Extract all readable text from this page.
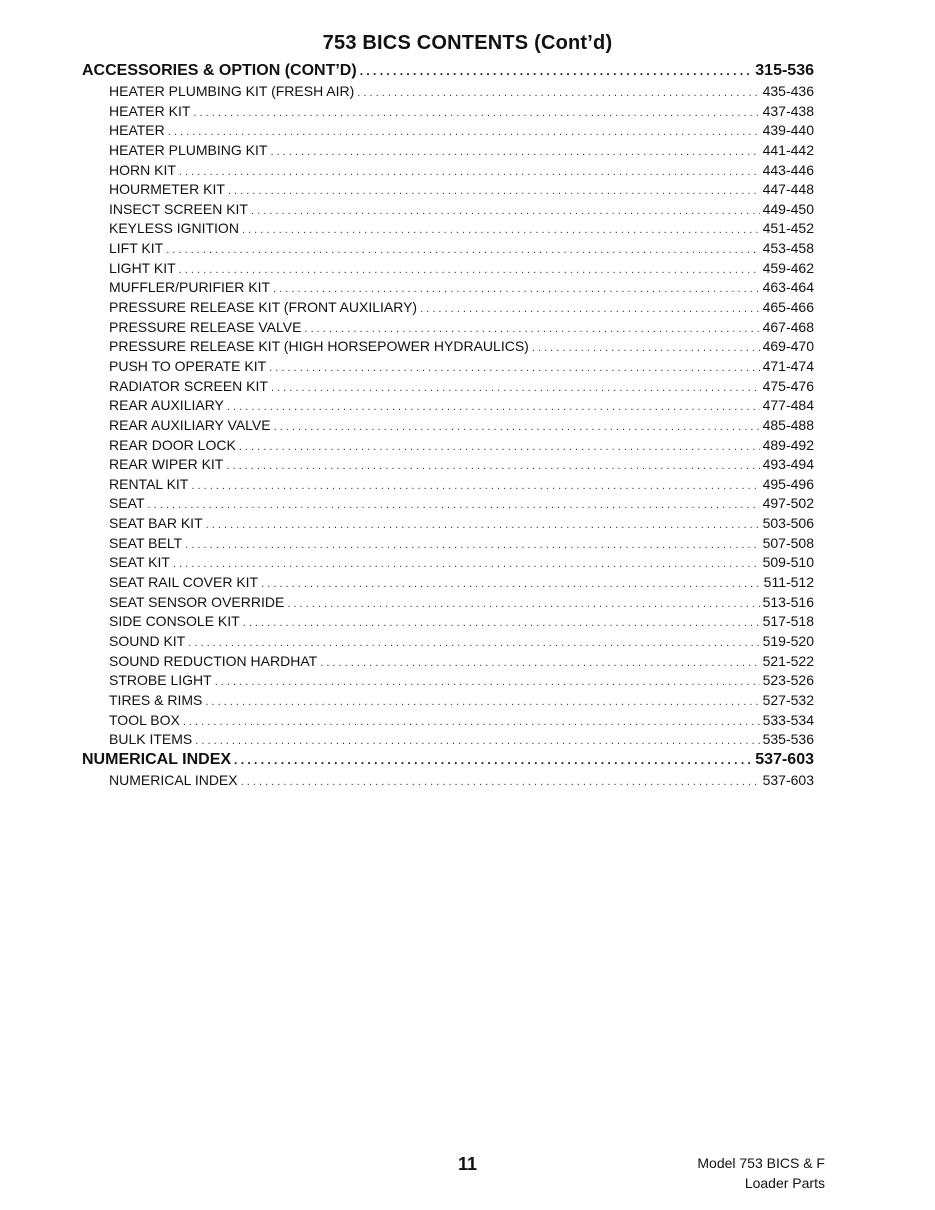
753 BICS CONTENTS (Cont’d)
ACCESSORIES & OPTION (CONT’D) . . .	315-536
HEATER PLUMBING KIT (FRESH AIR) . . .	435-436
HEATER KIT . . .	437-438
HEATER . . .	439-440
HEATER PLUMBING KIT . . .	441-442
HORN KIT . . .	443-446
HOURMETER KIT . . .	447-448
INSECT SCREEN KIT . . .	449-450
KEYLESS IGNITION . . .	451-452
LIFT KIT . . .	453-458
LIGHT KIT . . .	459-462
MUFFLER/PURIFIER KIT . . .	463-464
PRESSURE RELEASE KIT (FRONT AUXILIARY) . . .	465-466
PRESSURE RELEASE VALVE . . .	467-468
PRESSURE RELEASE KIT (HIGH HORSEPOWER HYDRAULICS) . . .	469-470
PUSH TO OPERATE KIT . . .	471-474
RADIATOR SCREEN KIT . . .	475-476
REAR AUXILIARY . . .	477-484
REAR AUXILIARY VALVE . . .	485-488
REAR DOOR LOCK . . .	489-492
REAR WIPER KIT . . .	493-494
RENTAL KIT . . .	495-496
SEAT . . .	497-502
SEAT BAR KIT . . .	503-506
SEAT BELT . . .	507-508
SEAT KIT . . .	509-510
SEAT RAIL COVER KIT . . .	511-512
SEAT SENSOR OVERRIDE . . .	513-516
SIDE CONSOLE KIT . . .	517-518
SOUND KIT . . .	519-520
SOUND REDUCTION HARDHAT . . .	521-522
STROBE LIGHT . . .	523-526
TIRES & RIMS . . .	527-532
TOOL BOX . . .	533-534
BULK ITEMS . . .	535-536
NUMERICAL INDEX . . .	537-603
NUMERICAL INDEX . . .	537-603
11	Model 753 BICS & F
Loader Parts
